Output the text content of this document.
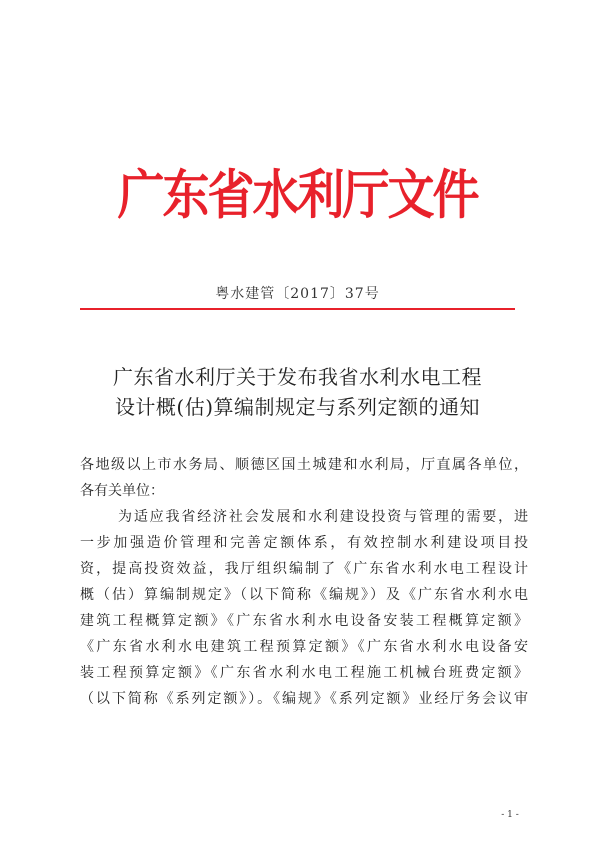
广东省水利厅文件
粤水建管〔2017〕37号
广东省水利厅关于发布我省水利水电工程
设计概(估)算编制规定与系列定额的通知
各地级以上市水务局、顺德区国土城建和水利局，厅直属各单位，
各有关单位：
为适应我省经济社会发展和水利建设投资与管理的需要，进
一步加强造价管理和完善定额体系，有效控制水利建设项目投
资，提高投资效益，我厅组织编制了《广东省水利水电工程设计
概（估）算编制规定》（以下简称《编规》）及《广东省水利水电
建筑工程概算定额》《广东省水利水电设备安装工程概算定额》
《广东省水利水电建筑工程预算定额》《广东省水利水电设备安
装工程预算定额》《广东省水利水电工程施工机械台班费定额》
（以下简称《系列定额》）。《编规》《系列定额》业经厅务会议审
- 1 -
